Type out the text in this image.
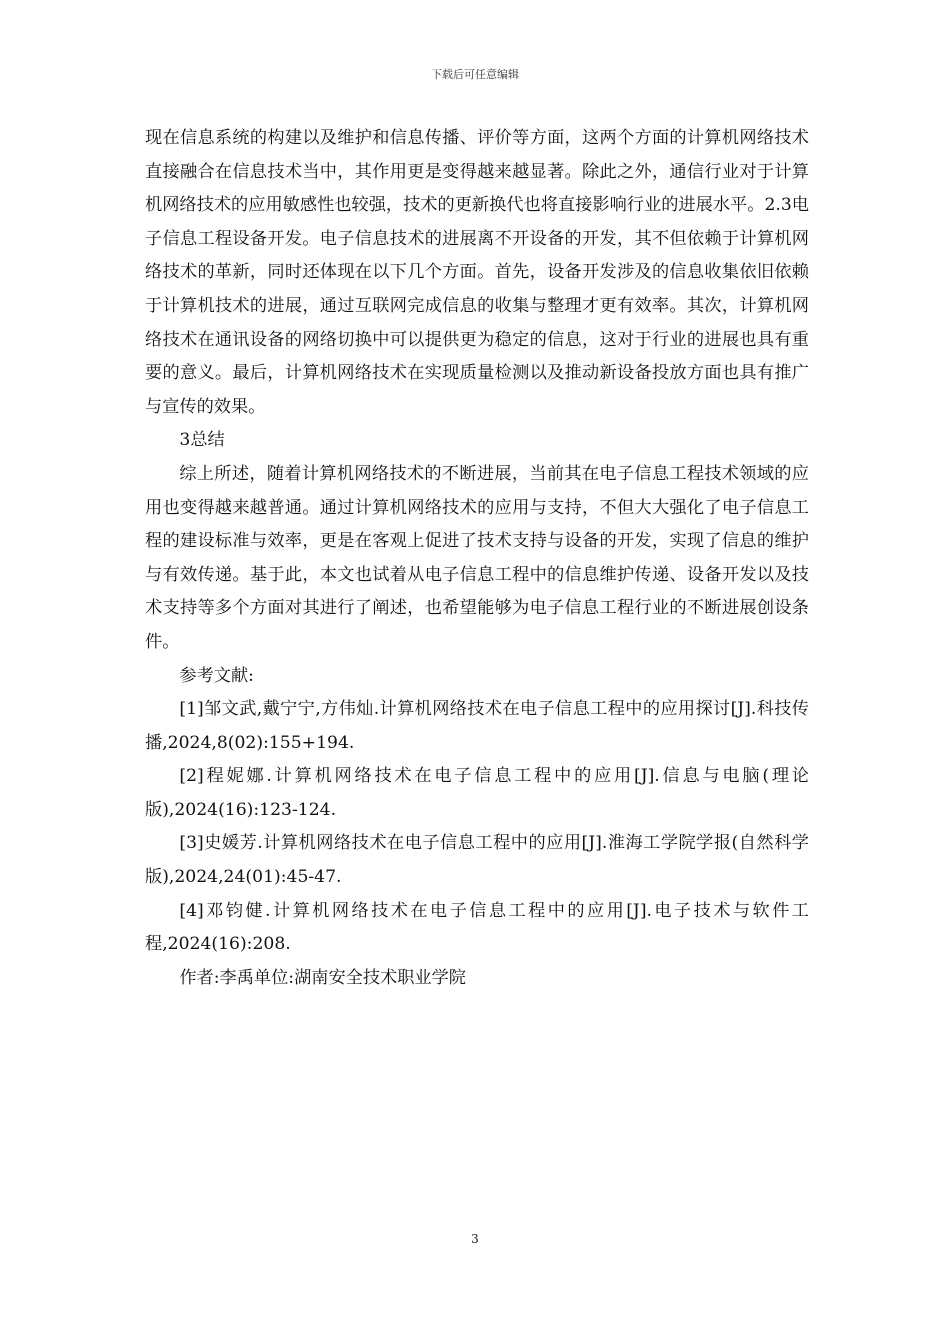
下载后可任意编辑

现在信息系统的构建以及维护和信息传播、评价等方面，这两个方面的计算机网络技术直接融合在信息技术当中，其作用更是变得越来越显著。除此之外，通信行业对于计算机网络技术的应用敏感性也较强，技术的更新换代也将直接影响行业的进展水平。2.3电子信息工程设备开发。电子信息技术的进展离不开设备的开发，其不但依赖于计算机网络技术的革新，同时还体现在以下几个方面。首先，设备开发涉及的信息收集依旧依赖于计算机技术的进展，通过互联网完成信息的收集与整理才更有效率。其次，计算机网络技术在通讯设备的网络切换中可以提供更为稳定的信息，这对于行业的进展也具有重要的意义。最后，计算机网络技术在实现质量检测以及推动新设备投放方面也具有推广与宣传的效果。

3总结

综上所述，随着计算机网络技术的不断进展，当前其在电子信息工程技术领域的应用也变得越来越普通。通过计算机网络技术的应用与支持，不但大大强化了电子信息工程的建设标准与效率，更是在客观上促进了技术支持与设备的开发，实现了信息的维护与有效传递。基于此，本文也试着从电子信息工程中的信息维护传递、设备开发以及技术支持等多个方面对其进行了阐述，也希望能够为电子信息工程行业的不断进展创设条件。

参考文献:

[1]邹文武,戴宁宁,方伟灿.计算机网络技术在电子信息工程中的应用探讨[J].科技传播,2024,8(02):155+194.

[2]程妮娜.计算机网络技术在电子信息工程中的应用[J].信息与电脑(理论版),2024(16):123-124.

[3]史媛芳.计算机网络技术在电子信息工程中的应用[J].淮海工学院学报(自然科学版),2024,24(01):45-47.

[4]邓钧健.计算机网络技术在电子信息工程中的应用[J].电子技术与软件工程,2024(16):208.

作者:李禹单位:湖南安全技术职业学院

3
